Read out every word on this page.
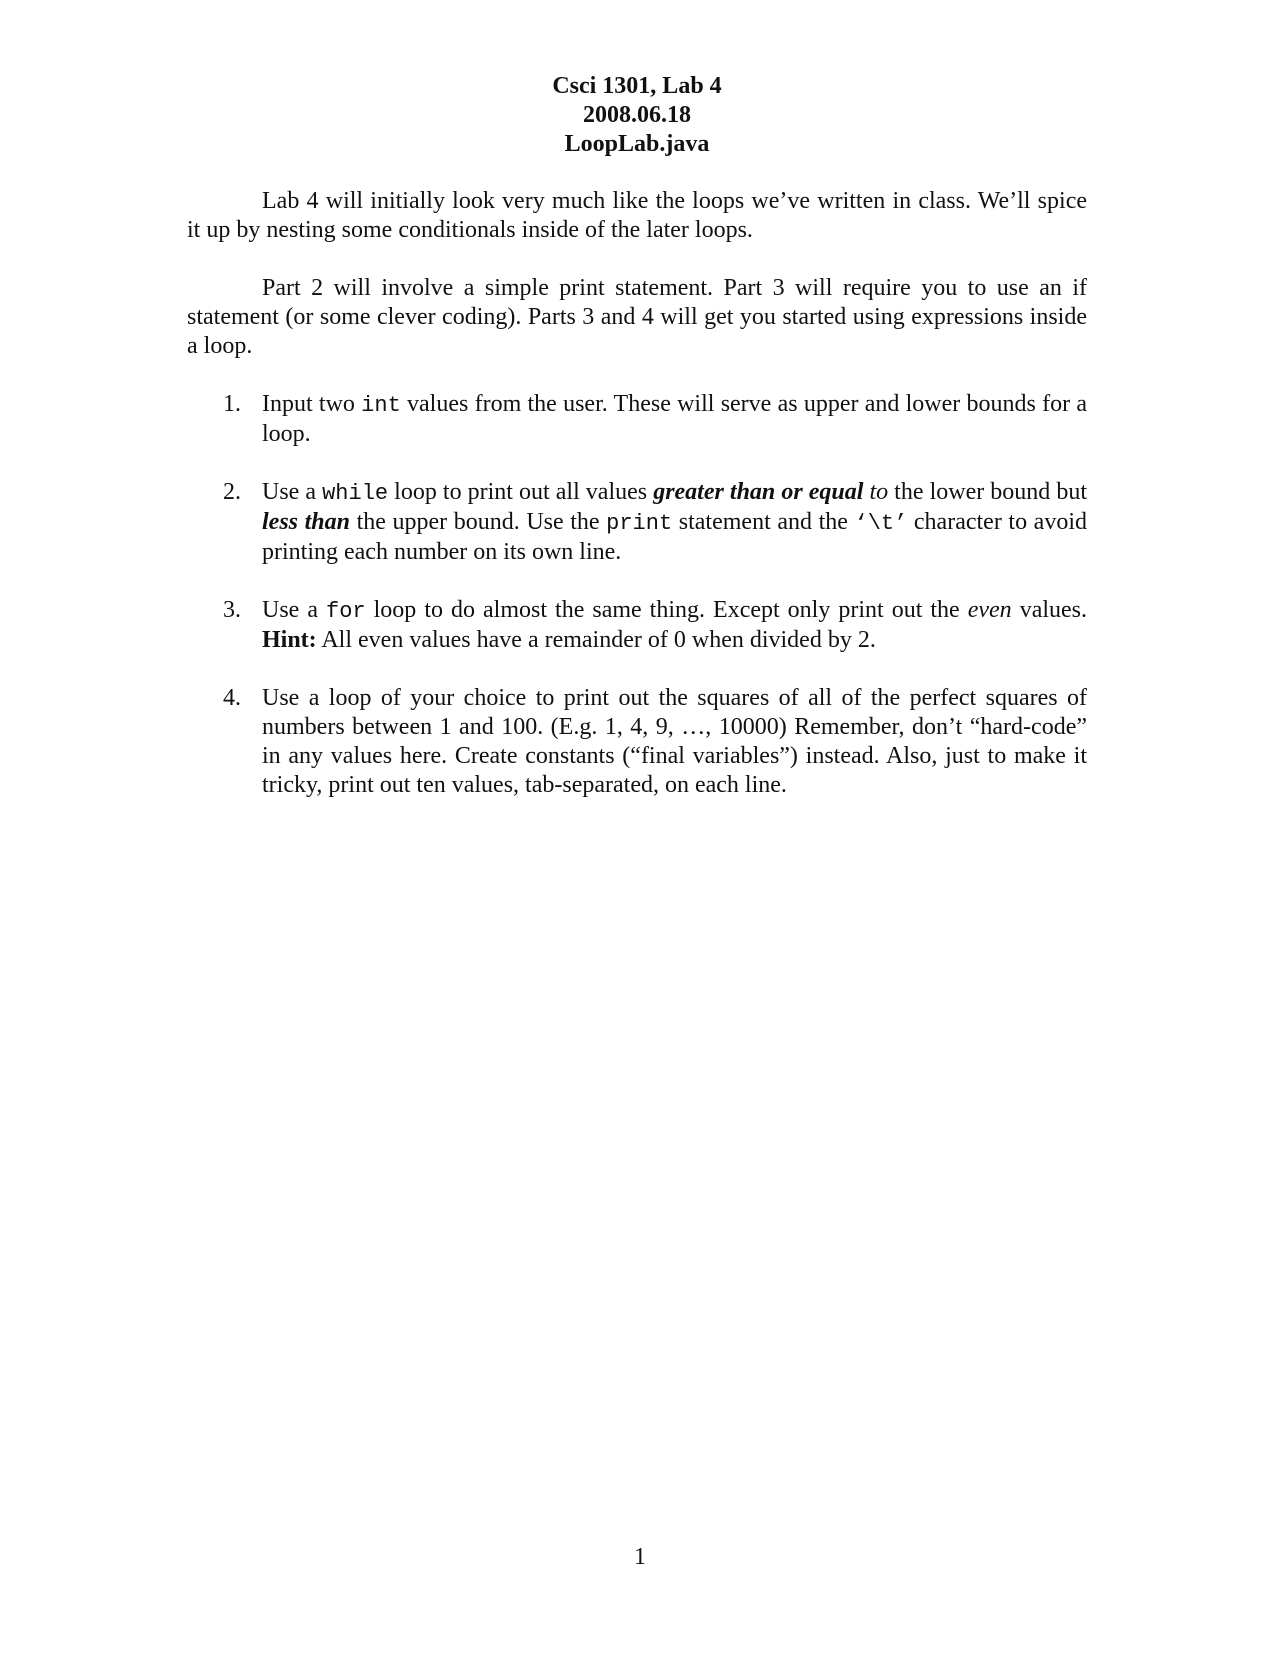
Csci 1301, Lab 4
2008.06.18
LoopLab.java

Lab 4 will initially look very much like the loops we’ve written in class. We’ll spice it up by nesting some conditionals inside of the later loops.

Part 2 will involve a simple print statement. Part 3 will require you to use an if statement (or some clever coding). Parts 3 and 4 will get you started using expressions inside a loop.

1. Input two int values from the user. These will serve as upper and lower bounds for a loop.
2. Use a while loop to print out all values greater than or equal to the lower bound but less than the upper bound. Use the print statement and the ‘\t’ character to avoid printing each number on its own line.
3. Use a for loop to do almost the same thing. Except only print out the even values. Hint: All even values have a remainder of 0 when divided by 2.
4. Use a loop of your choice to print out the squares of all of the perfect squares of numbers between 1 and 100. (E.g. 1, 4, 9, …, 10000) Remember, don’t “hard-code” in any values here. Create constants (“final variables”) instead. Also, just to make it tricky, print out ten values, tab-separated, on each line.
1
